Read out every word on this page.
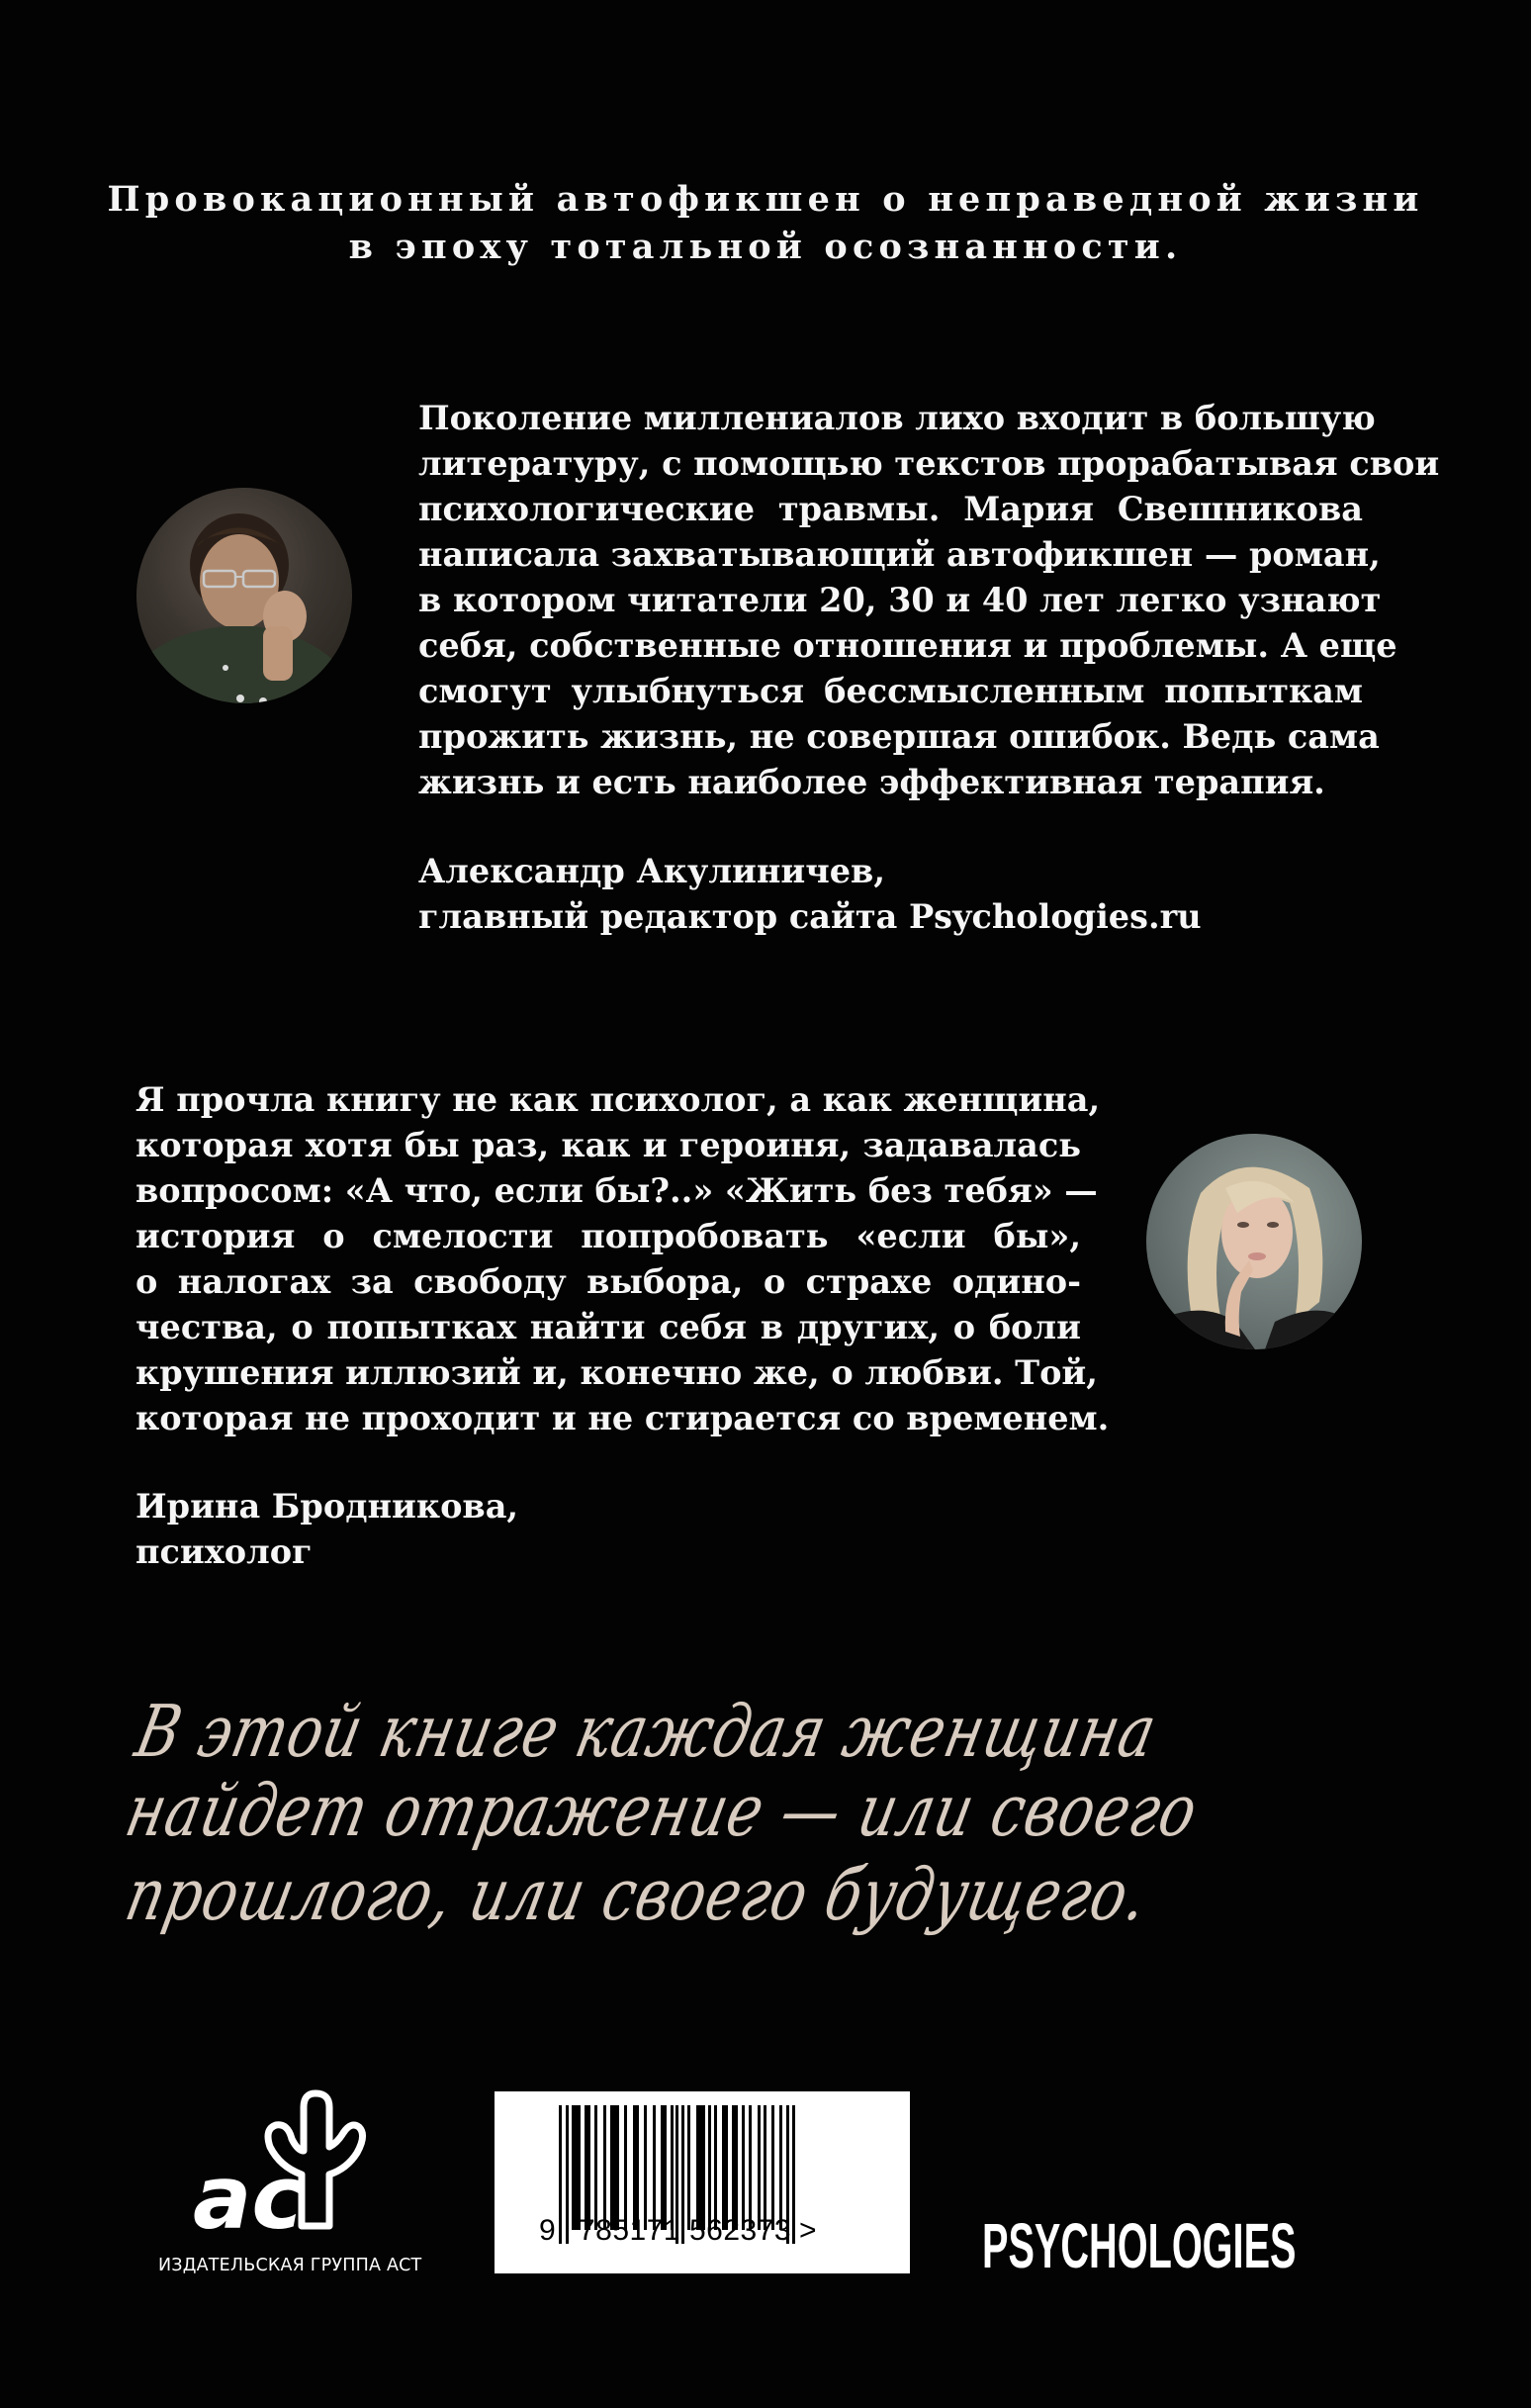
Провокационный автофикшен о неправедной жизни
в эпоху тотальной осознанности.
Поколение миллениалов лихо входит в большую
литературу, с помощью текстов прорабатывая свои
психологические травмы. Мария Свешникова
написала захватывающий автофикшен — роман,
в котором читатели 20, 30 и 40 лет легко узнают
себя, собственные отношения и проблемы. А еще
смогут улыбнуться бессмысленным попыткам
прожить жизнь, не совершая ошибок. Ведь сама
жизнь и есть наиболее эффективная терапия.
Александр Акулиничев,
главный редактор сайта Psychologies.ru
Я прочла книгу не как психолог, а как женщина,
которая хотя бы раз, как и героиня, задавалась
вопросом: «А что, если бы?..» «Жить без тебя» —
история о смелости попробовать «если бы»,
о налогах за свободу выбора, о страхе одино-
чества, о попытках найти себя в других, о боли
крушения иллюзий и, конечно же, о любви. Той,
которая не проходит и не стирается со временем.
Ирина Бродникова,
психолог
В этой книге каждая женщина
найдет отражение — или своего
прошлого, или своего будущего.
ас
ИЗДАТЕЛЬСКАЯ ГРУППА АСТ
9 785171 562373 >	PSYCHOLOGIES
